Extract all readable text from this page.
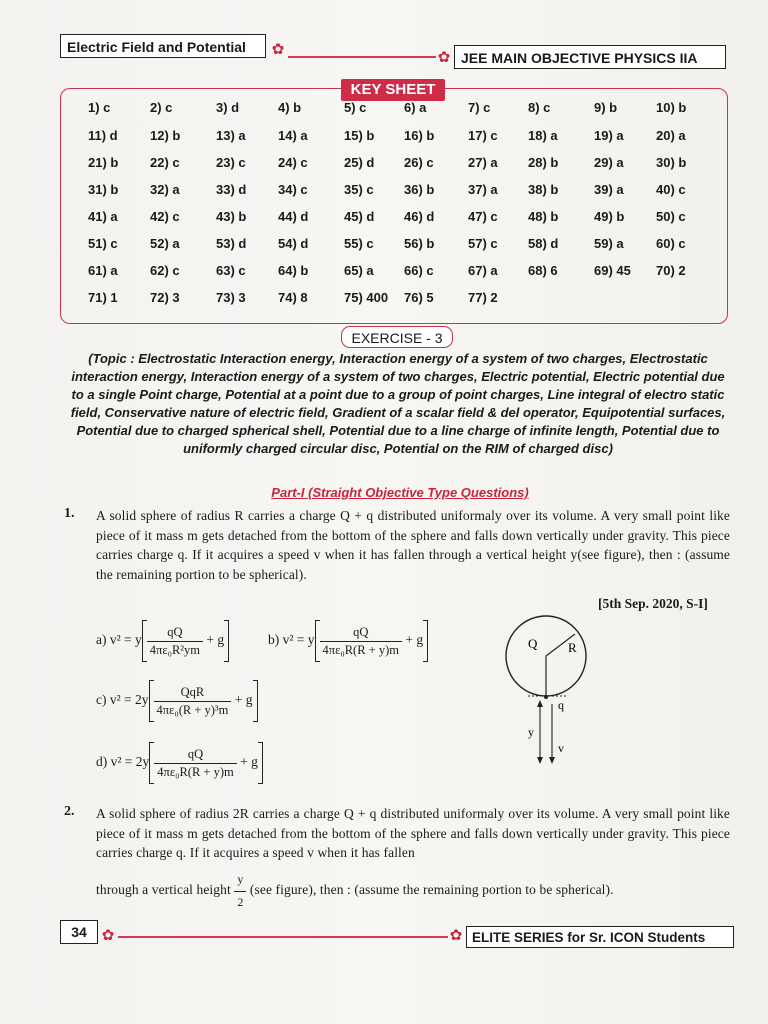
Electric Field and Potential	✿	✿ JEE MAIN OBJECTIVE PHYSICS IIA
KEY SHEET
1) c	2) c	3) d	4) b	5) c	6) a	7) c	8) c	9) b	10) b
11) d 12) b	13) a 14) a	15) b 16) b	17) c 18) a	19) a 20) a
21) b 22) c	23) c 24) c	25) d 26) c	27) a 28) b	29) a 30) b
31) b 32) a	33) d 34) c	35) c 36) b	37) a 38) b	39) a 40) c
41) a 42) c	43) b 44) d	45) d 46) d	47) c 48) b	49) b 50) c
51) c 52) a	53) d 54) d	55) c 56) b	57) c 58) d	59) a 60) c
61) a 62) c	63) c 64) b	65) a 66) c	67) a 68) 6	69) 45 70) 2
71) 1 72) 3	73) 3 74) 8	75) 400 76) 5	77) 2
EXERCISE - 3
(Topic : Electrostatic Interaction energy, Interaction energy of a system of two charges, Electrostatic interaction energy, Interaction energy of a system of two charges, Electric potential, Electric potential due to a single Point charge, Potential at a point due to a group of point charges, Line integral of electro static field, Conservative nature of electric field, Gradient of a scalar field & del operator, Equipotential surfaces, Potential due to charged spherical shell, Potential due to a line charge of infinite length, Potential due to uniformly charged circular disc, Potential on the RIM of charged disc)
Part-I (Straight Objective Type Questions)
1. A solid sphere of radius R carries a charge Q + q distributed uniformaly over its volume. A very small point like piece of it mass m gets detached from the bottom of the sphere and falls down vertically under gravity. This piece carries charge q. If it acquires a speed v when it has fallen through a vertical height y(see figure), then : (assume the remaining portion to be spherical).
[5th Sep. 2020, S-I]
a) v² = y $\frac{qQ}{\text{4πε₀R²ym}} + g$	b) v² = y $\frac{qQ}{\text{4πε₀R(R + y)m}} + g$
c) $v^2 = 2y \frac{\text{QqR}}{\text{4πε₀(R + y)³m}} + g$
d) $v^2 = 2y \frac{qQ}{\text{4πε₀R(R + y)m}} + g$
Q R
q
y
v
2. A solid sphere of radius 2R carries a charge Q + q distributed uniformaly over its volume. A very small point like piece of it mass m gets detached from the bottom of the sphere and falls down vertically under gravity. This piece carries charge q. If it acquires a speed v when it has fallen
through a vertical height $\frac{y}{2} (see$ figure), then : (assume the remaining portion to be spherical).
34 ✿	✿ ELITE SERIES for Sr. ICON Students
